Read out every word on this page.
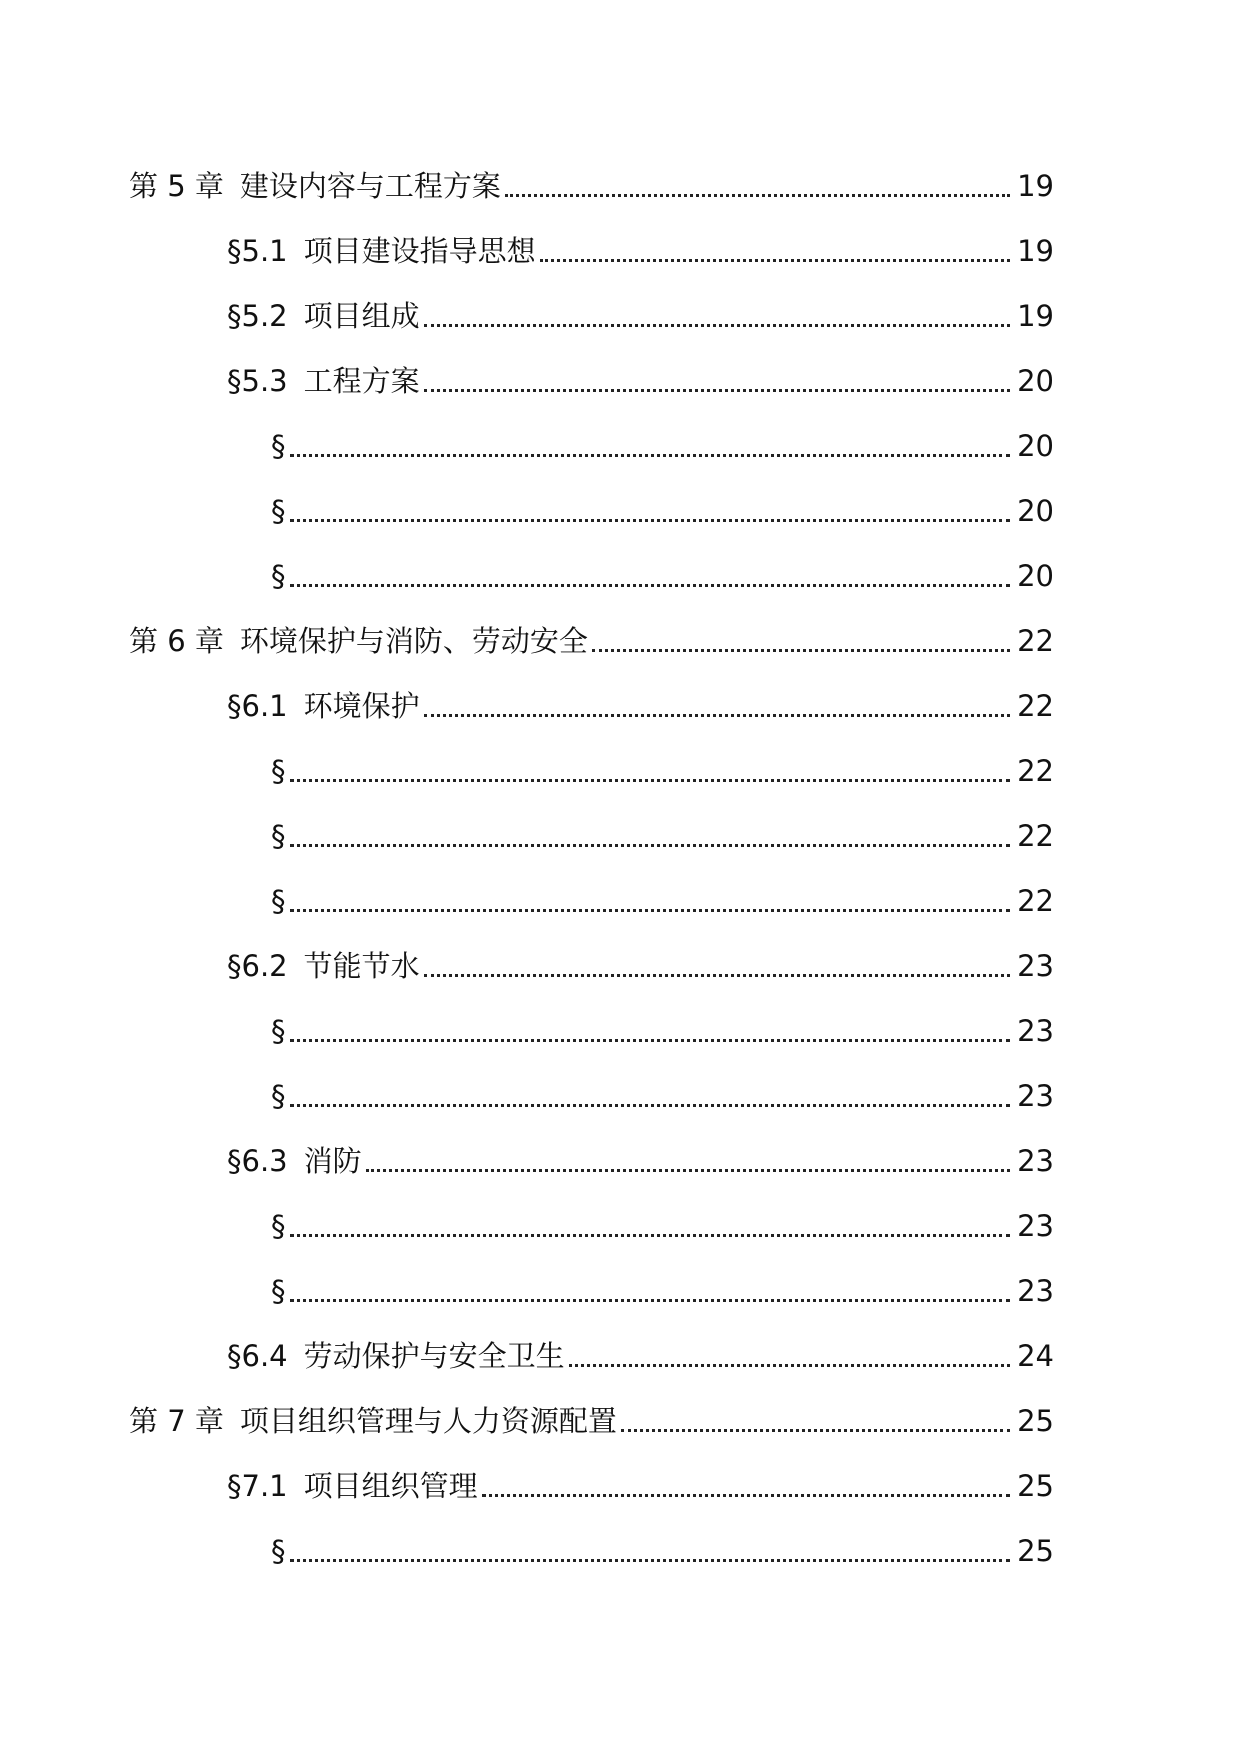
第 5 章 建设内容与工程方案	19
§5.1 项目建设指导思想	19
§5.2 项目组成	19
§5.3 工程方案	20
§	20
§	20
§	20
第 6 章 环境保护与消防、劳动安全	22
§6.1 环境保护	22
§	22
§	22
§	22
§6.2 节能节水	23
§	23
§	23
§6.3 消防	23
§	23
§	23
§6.4 劳动保护与安全卫生	24
第 7 章 项目组织管理与人力资源配置	25
§7.1 项目组织管理	25
§	25
